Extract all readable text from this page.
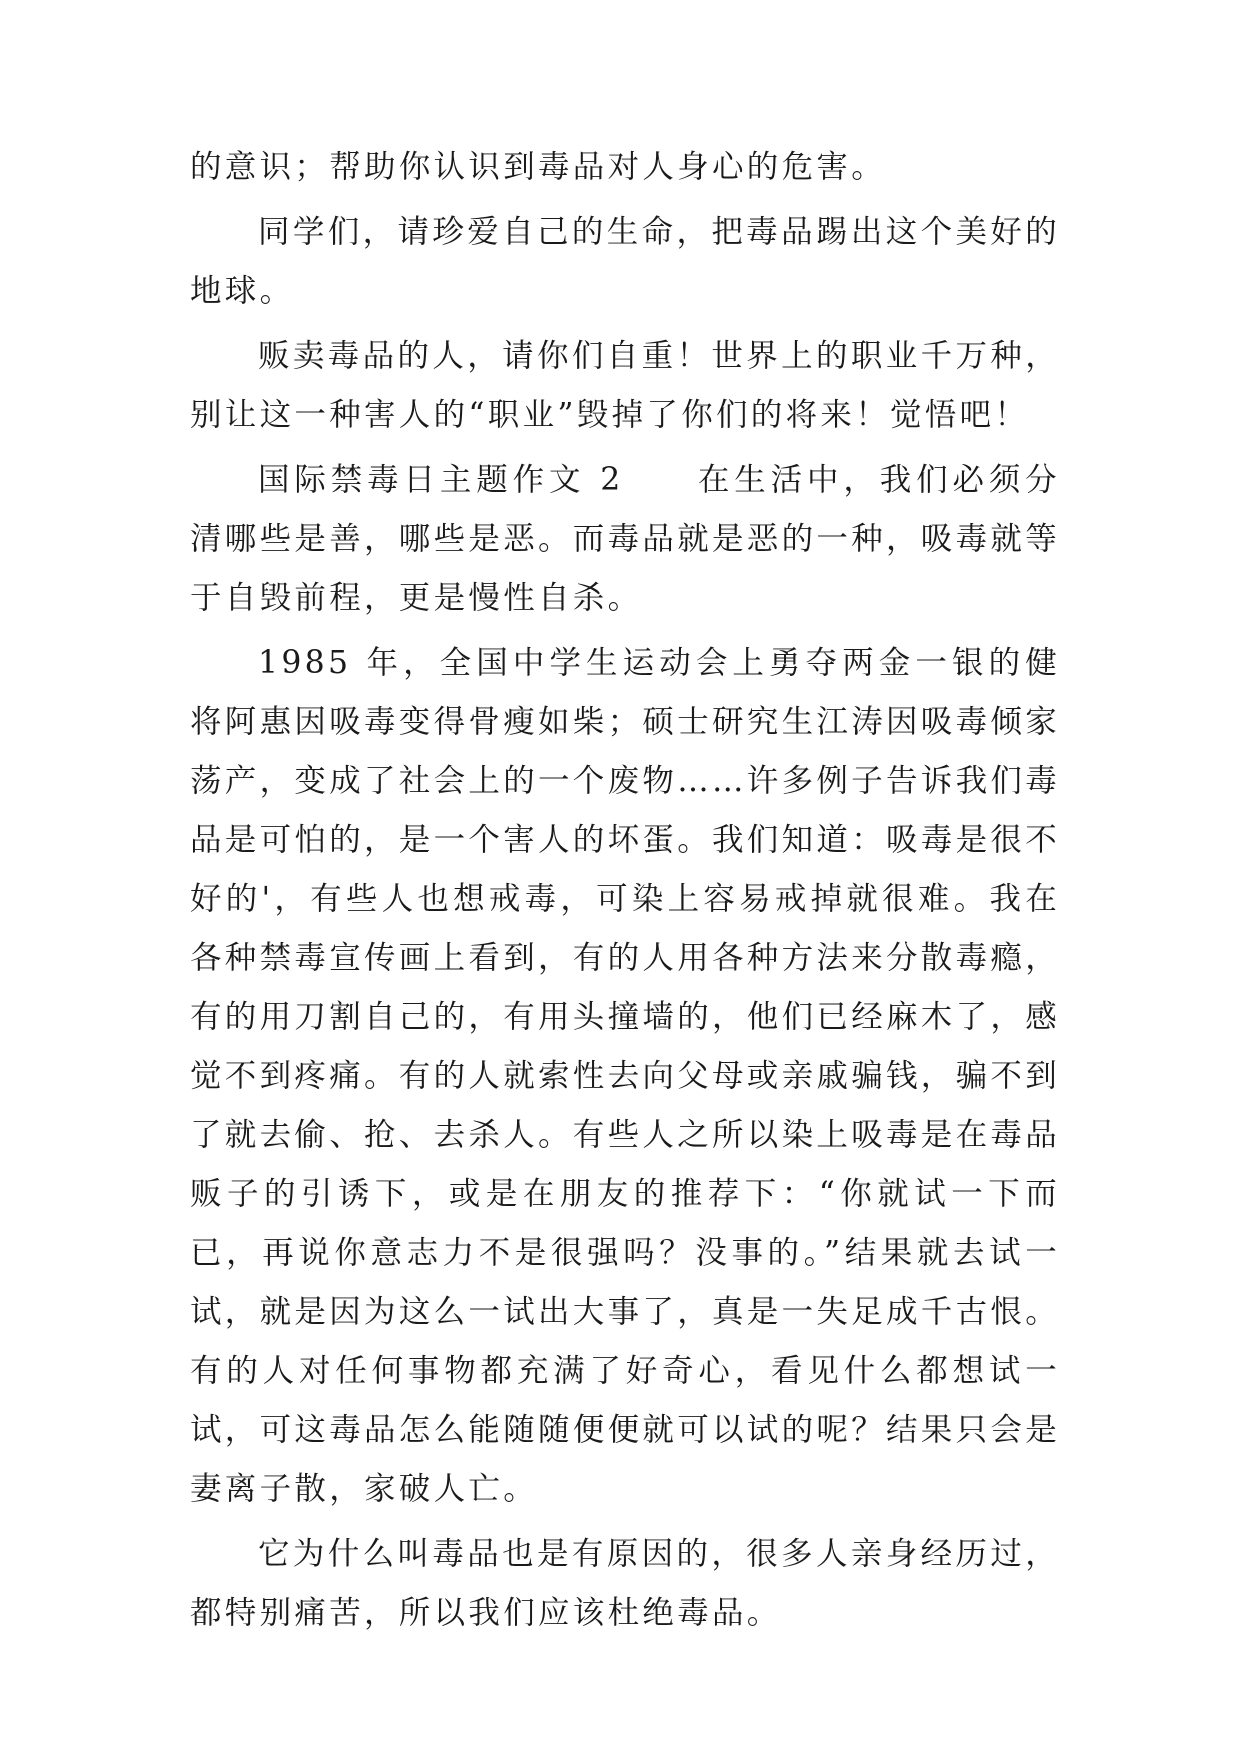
的意识；帮助你认识到毒品对人身心的危害。

同学们，请珍爱自己的生命，把毒品踢出这个美好的地球。

贩卖毒品的人，请你们自重！世界上的职业千万种，别让这一种害人的“职业”毁掉了你们的将来！觉悟吧！

国际禁毒日主题作文 2　　在生活中，我们必须分清哪些是善，哪些是恶。而毒品就是恶的一种，吸毒就等于自毁前程，更是慢性自杀。

1985 年，全国中学生运动会上勇夺两金一银的健将阿惠因吸毒变得骨瘦如柴；硕士研究生江涛因吸毒倾家荡产，变成了社会上的一个废物……许多例子告诉我们毒品是可怕的，是一个害人的坏蛋。我们知道：吸毒是很不好的'，有些人也想戒毒，可染上容易戒掉就很难。我在各种禁毒宣传画上看到，有的人用各种方法来分散毒瘾，有的用刀割自己的，有用头撞墙的，他们已经麻木了，感觉不到疼痛。有的人就索性去向父母或亲戚骗钱，骗不到了就去偷、抢、去杀人。有些人之所以染上吸毒是在毒品贩子的引诱下，或是在朋友的推荐下：“你就试一下而已，再说你意志力不是很强吗？没事的。”结果就去试一试，就是因为这么一试出大事了，真是一失足成千古恨。有的人对任何事物都充满了好奇心，看见什么都想试一试，可这毒品怎么能随随便便就可以试的呢？结果只会是妻离子散，家破人亡。

它为什么叫毒品也是有原因的，很多人亲身经历过，都特别痛苦，所以我们应该杜绝毒品。
